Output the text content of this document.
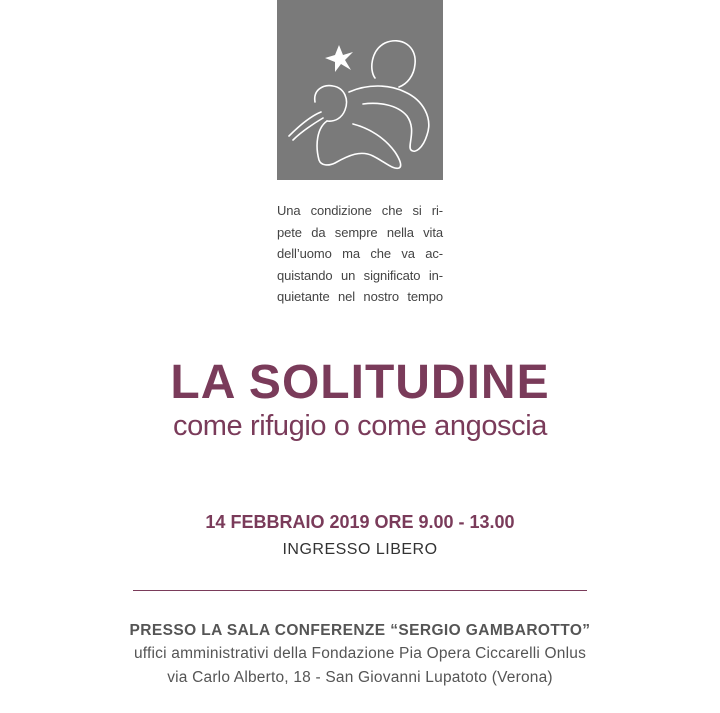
Una condizione che si ri-
pete da sempre nella vita
dell’uomo ma che va ac-
quistando un significato in-
quietante nel nostro tempo
LA SOLITUDINE
come rifugio o come angoscia
14 FEBBRAIO 2019 ORE 9.00 - 13.00
INGRESSO LIBERO
PRESSO LA SALA CONFERENZE “SERGIO GAMBAROTTO”
uffici amministrativi della Fondazione Pia Opera Ciccarelli Onlus
via Carlo Alberto, 18 - San Giovanni Lupatoto (Verona)
